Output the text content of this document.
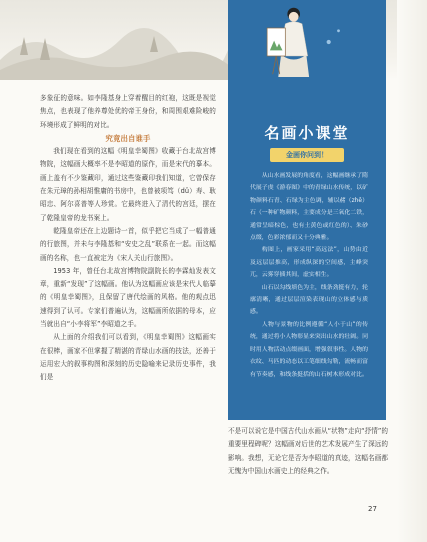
多象征的意味。如李隆基身上穿着醒目的红袍，这既是视觉焦点，也表现了他养尊处优的帝王身份，和周围艰难险峻的环境形成了鲜明的对比。

究竟出自谁手

我们现在看到的这幅《明皇幸蜀图》收藏于台北故宫博物院，这幅画大概率不是李昭道的原作，而是宋代的摹本。画上盖有不少鉴藏印，通过这些鉴藏印我们知道，它曾保存在朱元璋的孙相胡惟庸的书房中，也曾被项笃（dǔ）寿、耿昭忠、阿尔喜普等人珍赏。它最终进入了清代的宫廷，摆在了乾隆皇帝的龙书案上。

乾隆皇帝还在上边题诗一首，似乎把它当成了一幅普通的行旅图，并未与李隆基和“安史之乱”联系在一起。而这幅画的名称，也一直被定为《宋人关山行旅图》。

1953 年，曾任台北故宫博物院副院长的李霖灿发表文章，重新“发现”了这幅画。他认为这幅画应该是宋代人临摹的《明皇幸蜀图》，且保留了唐代绘画的风格。他的观点迅速得到了认可。专家们普遍认为，这幅画所依据的母本，应当就出自“小李将军”李昭道之手。

从上面的介绍我们可以看到，《明皇幸蜀图》这幅画实在很棒，画家不但掌握了精湛的青绿山水画的技法，还善于运用宏大的叙事构图和深刻的历史隐喻来记录历史事件，我们是

名画小课堂
金画你问到！

从山水画发展的角度看，这幅画继承了隋代展子虔《游春图》中的青绿山水传统，以矿物颜料石青、石绿为主色调，辅以赭（zhě）石（一种矿物颜料，主要成分是三氧化二铁，通常呈暗棕色，也有土黄色或红色的）、朱砂点缀，色彩浓郁而又十分典雅。

构图上，画家采用“高远法”，山势由近及远层层推高，形成纵深的空间感，主峰突兀，云雾穿插其间，虚实相生。

山石以勾线填色为主，线条劲挺有力，轮廓清晰，通过层层渲染表现山的立体感与质感。

人物与景物的比例遵循“人小于山”的传统，通过将小人物彰显来突出山水的壮阔。同时用人物活动点缀画面，增强叙事性。人物的衣纹、马匹的动态以工笔细线勾勒，流畅而富有节奏感，和线条挺括的山石树木形成对比。

不是可以说它是中国古代山水画从“状物”走向“抒情”的重要里程碑呢？这幅画对后世的艺术发展产生了深远的影响。我想，无论它是否为李昭道的真迹，这幅名画都无愧为中国山水画史上的经典之作。

27
